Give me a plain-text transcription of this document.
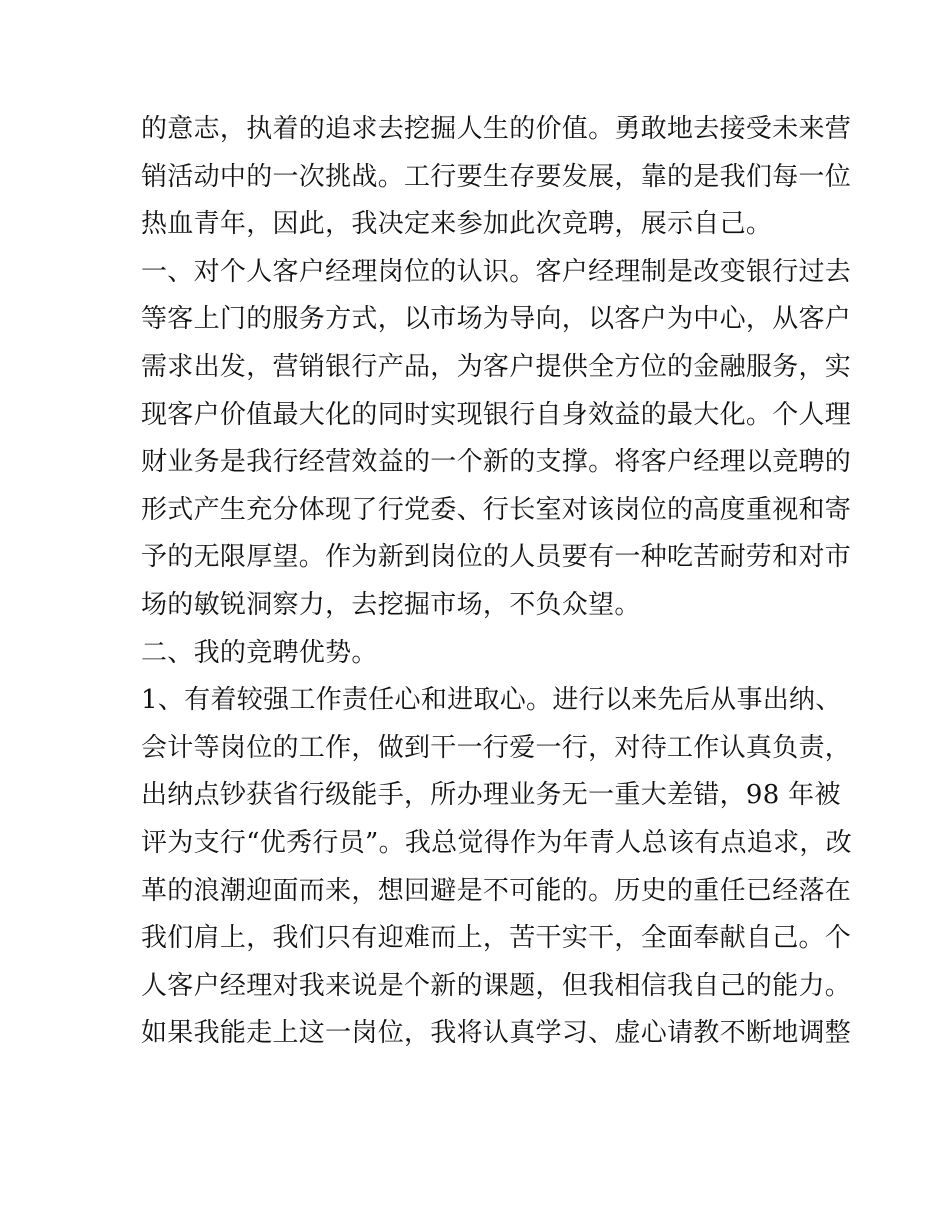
的意志，执着的追求去挖掘人生的价值。勇敢地去接受未来营
销活动中的一次挑战。工行要生存要发展，靠的是我们每一位
热血青年，因此，我决定来参加此次竞聘，展示自己。
一、对个人客户经理岗位的认识。客户经理制是改变银行过去
等客上门的服务方式，以市场为导向，以客户为中心，从客户
需求出发，营销银行产品，为客户提供全方位的金融服务，实
现客户价值最大化的同时实现银行自身效益的最大化。个人理
财业务是我行经营效益的一个新的支撑。将客户经理以竞聘的
形式产生充分体现了行党委、行长室对该岗位的高度重视和寄
予的无限厚望。作为新到岗位的人员要有一种吃苦耐劳和对市
场的敏锐洞察力，去挖掘市场，不负众望。
二、我的竞聘优势。
1、有着较强工作责任心和进取心。进行以来先后从事出纳、
会计等岗位的工作，做到干一行爱一行，对待工作认真负责，
出纳点钞获省行级能手，所办理业务无一重大差错，98 年被
评为支行“优秀行员”。我总觉得作为年青人总该有点追求，改
革的浪潮迎面而来，想回避是不可能的。历史的重任已经落在
我们肩上，我们只有迎难而上，苦干实干，全面奉献自己。个
人客户经理对我来说是个新的课题，但我相信我自己的能力。
如果我能走上这一岗位，我将认真学习、虚心请教不断地调整
